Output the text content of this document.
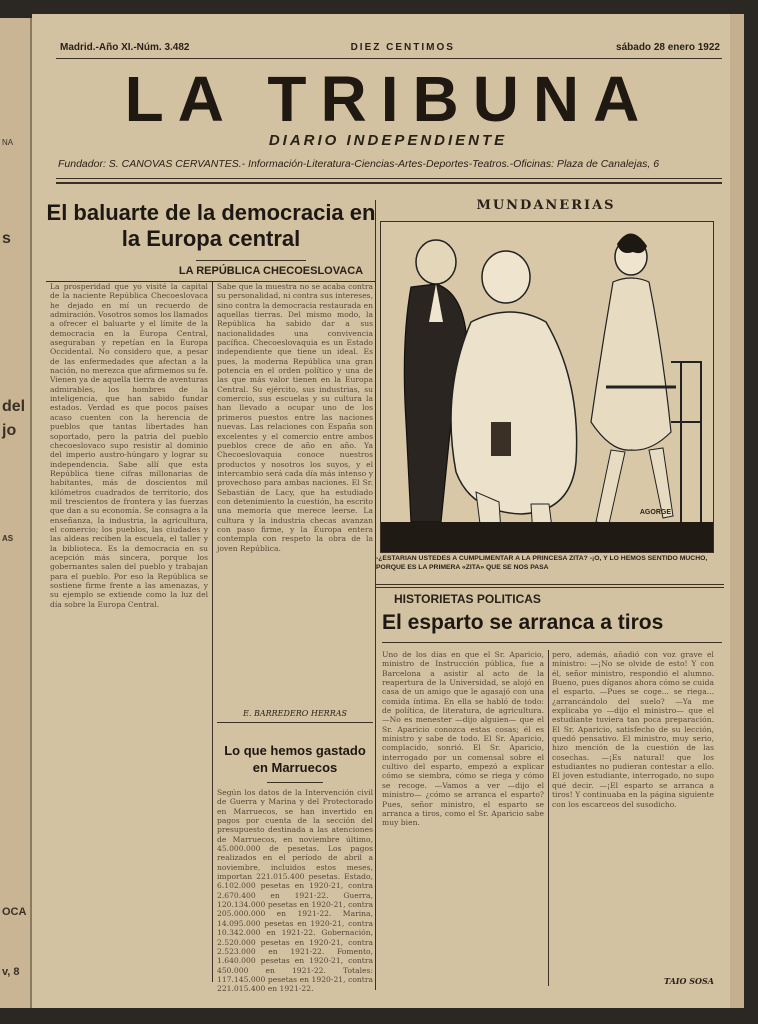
NA
s
del
jo
AS
OCA
v, 8
Madrid.-Año XI.-Núm. 3.482	DIEZ CENTIMOS	sábado 28 enero 1922
LA TRIBUNA
DIARIO INDEPENDIENTE
Fundador: S. CANOVAS CERVANTES.- Información-Literatura-Ciencias-Artes-Deportes-Teatros.-Oficinas: Plaza de Canalejas, 6
El baluarte de la democracia en la Europa central
LA REPÚBLICA CHECOESLOVACA
La prosperidad que yo visité la capital de la naciente República Checoeslovaca he dejado en mí un recuerdo de admiración. Vosotros somos los llamados a ofrecer el baluarte y el límite de la democracia en la Europa Central, aseguraban y repetían en la Europa Occidental. No considero que, a pesar de las enfermedades que afectan a la nación, no merezca que afirmemos su fe. Vienen ya de aquella tierra de aventuras admirables, los hombres de la inteligencia, que han sabido fundar estados. Verdad es que pocos países acaso cuenten con la herencia de pueblos que tantas libertades han soportado, pero la patria del pueblo checoeslovaco supo resistir al dominio del imperio austro-húngaro y lograr su independencia. Sabe allí que esta República tiene cifras millonarias de habitantes, más de doscientos mil kilómetros cuadrados de territorio, dos mil trescientos de frontera y las fuerzas que dan a su economía. Se consagra a la enseñanza, la industria, la agricultura, el comercio; los pueblos, las ciudades y las aldeas reciben la escuela, el taller y la biblioteca. Es la democracia en su acepción más sincera, porque los gobernantes salen del pueblo y trabajan para el pueblo. Por eso la República se sostiene firme frente a las amenazas, y su ejemplo se extiende como la luz del día sobre la Europa Central.
Sabe que la muestra no se acaba contra su personalidad, ni contra sus intereses, sino contra la democracia restaurada en aquellas tierras. Del mismo modo, la República ha sabido dar a sus nacionalidades una convivencia pacífica. Checoeslovaquia es un Estado independiente que tiene un ideal. Es pues, la moderna República una gran potencia en el orden político y una de las que más valor tienen en la Europa Central. Su ejército, sus industrias, su comercio, sus escuelas y su cultura la han llevado a ocupar uno de los primeros puestos entre las naciones nuevas. Las relaciones con España son excelentes y el comercio entre ambos pueblos crece de año en año. Ya Checoeslovaquia conoce nuestros productos y nosotros los suyos, y el intercambio será cada día más intenso y provechoso para ambas naciones. El Sr. Sebastián de Lacy, que ha estudiado con detenimiento la cuestión, ha escrito una memoria que merece leerse. La cultura y la industria checas avanzan con paso firme, y la Europa entera contempla con respeto la obra de la joven República.
E. BARREDERO HERRAS
Lo que hemos gastado en Marruecos
Según los datos de la Intervención civil de Guerra y Marina y del Protectorado en Marruecos, se han invertido en pagos por cuenta de la sección del presupuesto destinada a las atenciones de Marruecos, en noviembre último, 45.000.000 de pesetas. Los pagos realizados en el período de abril a noviembre, incluidos estos meses, importan 221.015.400 pesetas. Estado, 6.102.000 pesetas en 1920-21, contra 2.670.400 en 1921-22. Guerra, 120.134.000 pesetas en 1920-21, contra 205.000.000 en 1921-22. Marina, 14.095.000 pesetas en 1920-21, contra 10.342.000 en 1921-22. Gobernación, 2.520.000 pesetas en 1920-21, contra 2.523.000 en 1921-22. Fomento, 1.640.000 pesetas en 1920-21, contra 450.000 en 1921-22. Totales: 117.145.000 pesetas en 1920-21, contra 221.015.400 en 1921-22.
MUNDANERIAS
AGORGE
-¿ESTARIAN USTEDES A CUMPLIMENTAR A LA PRINCESA ZITA? -¡O, Y LO HEMOS SENTIDO MUCHO, PORQUE ES LA PRIMERA «ZITA» QUE SE NOS PASA
HISTORIETAS POLITICAS
El esparto se arranca a tiros
Uno de los días en que el Sr. Aparicio, ministro de Instrucción pública, fue a Barcelona a asistir al acto de la reapertura de la Universidad, se alojó en casa de un amigo que le agasajó con una comida íntima. En ella se habló de todo: de política, de literatura, de agricultura. —No es menester —dijo alguien— que el Sr. Aparicio conozca estas cosas; él es ministro y sabe de todo. El Sr. Aparicio, complacido, sonrió. El Sr. Aparicio, interrogado por un comensal sobre el cultivo del esparto, empezó a explicar cómo se siembra, cómo se riega y cómo se recoge. —Vamos a ver —dijo el ministro— ¿cómo se arranca el esparto? Pues, señor ministro, el esparto se arranca a tiros, como el Sr. Aparicio sabe muy bien.
pero, además, añadió con voz grave el ministro: —¡No se olvide de esto! Y con él, señor ministro, respondió el alumno. Bueno, pues díganos ahora cómo se cuida el esparto. —Pues se coge... se riega... ¿arrancándolo del suelo? —Ya me explicaba yo —dijo el ministro— que el estudiante tuviera tan poca preparación. El Sr. Aparicio, satisfecho de su lección, quedó pensativo. El ministro, muy serio, hizo mención de la cuestión de las cosechas. —¡Es natural! que los estudiantes no pudieran contestar a ello. El joven estudiante, interrogado, no supo qué decir. —¡El esparto se arranca a tiros! Y continuaba en la página siguiente con los escarceos del susodicho.
TAIO SOSA
